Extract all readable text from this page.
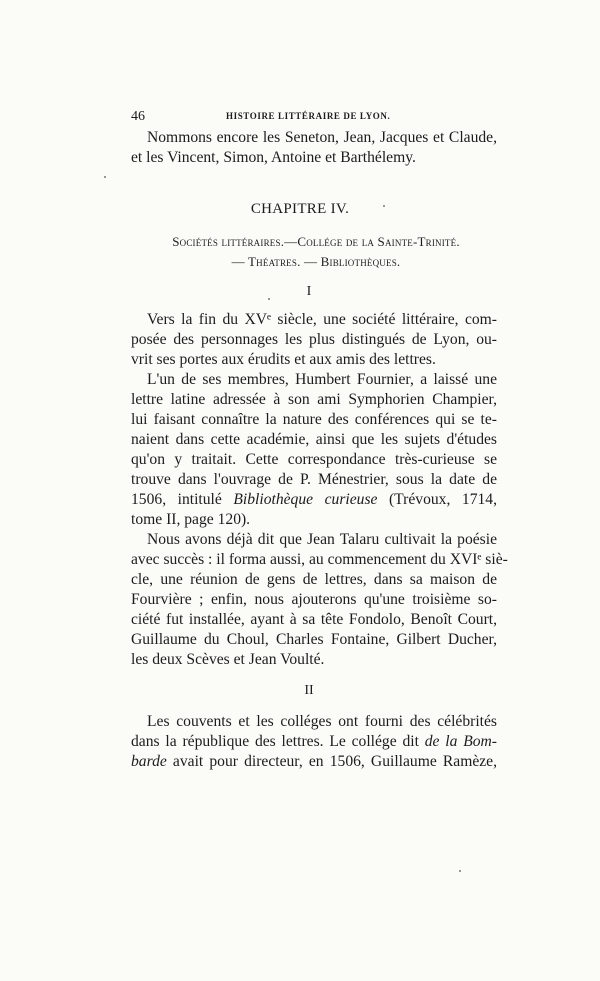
46	HISTOIRE LITTÉRAIRE DE LYON.
Nommons encore les Seneton, Jean, Jacques et Claude,
et les Vincent, Simon, Antoine et Barthélemy.
CHAPITRE IV.
Sociétés littéraires.—Collége de la Sainte-Trinité.
— Théatres. — Bibliothèques.
I
Vers la fin du XVᵉ siècle, une société littéraire, com-
posée des personnages les plus distingués de Lyon, ou-
vrit ses portes aux érudits et aux amis des lettres.
L'un de ses membres, Humbert Fournier, a laissé une
lettre latine adressée à son ami Symphorien Champier,
lui faisant connaître la nature des conférences qui se te-
naient dans cette académie, ainsi que les sujets d'études
qu'on y traitait. Cette correspondance très-curieuse se
trouve dans l'ouvrage de P. Ménestrier, sous la date de
1506, intitulé Bibliothèque curieuse (Trévoux, 1714,
tome II, page 120).
Nous avons déjà dit que Jean Talaru cultivait la poésie
avec succès : il forma aussi, au commencement du XVIᵉ siè-
cle, une réunion de gens de lettres, dans sa maison de
Fourvière ; enfin, nous ajouterons qu'une troisième so-
ciété fut installée, ayant à sa tête Fondolo, Benoît Court,
Guillaume du Choul, Charles Fontaine, Gilbert Ducher,
les deux Scèves et Jean Voulté.
II
Les couvents et les colléges ont fourni des célébrités
dans la république des lettres. Le collége dit de la Bom-
barde avait pour directeur, en 1506, Guillaume Ramèze,
